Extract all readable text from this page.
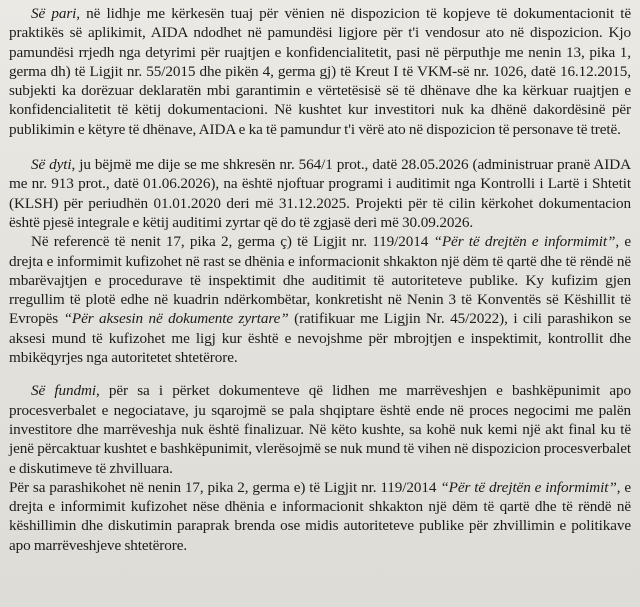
Së pari, në lidhje me kërkesën tuaj për vënien në dispozicion të kopjeve të dokumentacionit të praktikës së aplikimit, AIDA ndodhet në pamundësi ligjore për t'i vendosur ato në dispozicion. Kjo pamundësi rrjedh nga detyrimi për ruajtjen e konfidencialitetit, pasi në përputhje me nenin 13, pika 1, germa dh) të Ligjit nr. 55/2015 dhe pikën 4, germa gj) të Kreut I të VKM-së nr. 1026, datë 16.12.2015, subjekti ka dorëzuar deklaratën mbi garantimin e vërtetësisë së të dhënave dhe ka kërkuar ruajtjen e konfidencialitetit të këtij dokumentacioni. Në kushtet kur investitori nuk ka dhënë dakordësinë për publikimin e këtyre të dhënave, AIDA e ka të pamundur t'i vërë ato në dispozicion të personave të tretë.

Së dyti, ju bëjmë me dije se me shkresën nr. 564/1 prot., datë 28.05.2026 (administruar pranë AIDA me nr. 913 prot., datë 01.06.2026), na është njoftuar programi i auditimit nga Kontrolli i Lartë i Shtetit (KLSH) për periudhën 01.01.2020 deri më 31.12.2025. Projekti për të cilin kërkohet dokumentacion është pjesë integrale e këtij auditimi zyrtar që do të zgjasë deri më 30.09.2026.

Në referencë të nenit 17, pika 2, germa ç) të Ligjit nr. 119/2014 “Për të drejtën e informimit”, e drejta e informimit kufizohet në rast se dhënia e informacionit shkakton një dëm të qartë dhe të rëndë në mbarëvajtjen e procedurave të inspektimit dhe auditimit të autoriteteve publike. Ky kufizim gjen rregullim të plotë edhe në kuadrin ndërkombëtar, konkretisht në Nenin 3 të Konventës së Këshillit të Evropës “Për aksesin në dokumente zyrtare” (ratifikuar me Ligjin Nr. 45/2022), i cili parashikon se aksesi mund të kufizohet me ligj kur është e nevojshme për mbrojtjen e inspektimit, kontrollit dhe mbikëqyrjes nga autoritetet shtetërore.

Së fundmi, për sa i përket dokumenteve që lidhen me marrëveshjen e bashkëpunimit apo procesverbalet e negociatave, ju sqarojmë se pala shqiptare është ende në proces negocimi me palën investitore dhe marrëveshja nuk është finalizuar. Në këto kushte, sa kohë nuk kemi një akt final ku të jenë përcaktuar kushtet e bashkëpunimit, vlerësojmë se nuk mund të vihen në dispozicion procesverbalet e diskutimeve të zhvilluara.

Për sa parashikohet në nenin 17, pika 2, germa e) të Ligjit nr. 119/2014 “Për të drejtën e informimit”, e drejta e informimit kufizohet nëse dhënia e informacionit shkakton një dëm të qartë dhe të rëndë në këshillimin dhe diskutimin paraprak brenda ose midis autoriteteve publike për zhvillimin e politikave apo marrëveshjeve shtetërore.
